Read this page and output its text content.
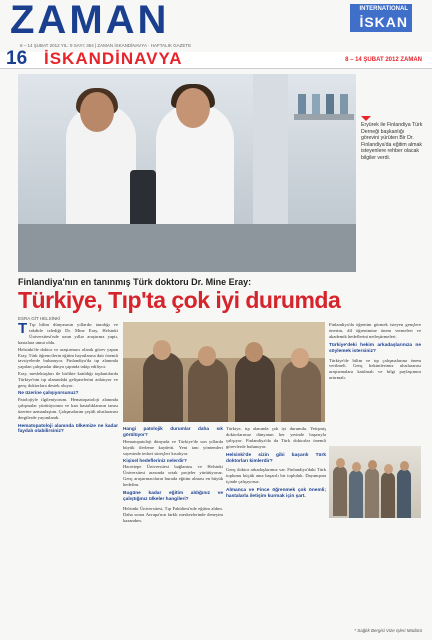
ZAMAN	INTERNATIONAL
İSKAN
8 – 14 ŞUBAT 2012 YIL: 9 SAYI: 354 | ZAMAN İSKANDİNAVYA · HAFTALIK GAZETE
16 İSKANDİNAVYA	8 – 14 ŞUBAT 2012 ZAMAN
Eryürek ile Finlandiya Türk Derneği başkanlığı görevini yürüten Bir Dr. Finlandiya'da eğitim almak isteyenlere rehber olacak bilgiler verdi.
Finlandiya'nın en tanınmış Türk doktoru Dr. Mine Eray:
Türkiye, Tıp'ta çok iyi durumda
ESRA GİT HELSİNKİ

T Tıp bilim dünyasının yıllardır tanıdığı ve takdirle izlediği Dr. Mine Eray, Helsinki Üniversitesi'nde uzun yıllar araştırma yaptı, hastalara umut oldu.

Helsinki'de doktor ve araştırmacı olarak görev yapan Eray, Türk öğrencilerin eğitim hayatlarına dair önemli tavsiyelerde bulunuyor. Finlandiya'da tıp alanında yapılan çalışmalar dünya çapında takip ediliyor.

Eray, meslektaşları ile birlikte katıldığı toplantılarda Türkiye'nin tıp alanındaki gelişmelerini anlatıyor ve genç doktorlara destek oluyor.

Ne üzerine çalışıyorsunuz?

Patolojiyle ilgileniyorum. Hematopatoloji alanında çalışmalar yürütüyorum ve kan hastalıklarının tanısı üzerine uzmanlaştım. Çalışmalarım çeşitli uluslararası dergilerde yayımlandı.

Hematopatoloji alanında ülkemize ne kadar faydalı olabilirsiniz?

Hangi patolojik durumlar daha sık görülüyor?

Hematopatoloji dünyada ve Türkiye'de son yıllarda büyük ilerleme kaydetti. Yeni tanı yöntemleri sayesinde tedavi süreçleri kısalıyor.

Kişisel hedefleriniz nelerdir?

Hacettepe Üniversitesi bağlantısı ve Helsinki Üniversitesi arasında ortak projeler yürütüyoruz. Genç araştırmacıların burada eğitim alması en büyük hedefim.

Bugüne kadar eğitim aldığınız ve çalıştığınız ülkeler hangileri?

Helsinki Üniversitesi, Tıp Fakültesi'nde eğitim aldım. Daha sonra Avrupa'nın farklı merkezlerinde deneyim kazandım.

Türkiye, tıp alanında çok iyi durumda. Yetişmiş doktorlarımız dünyanın her yerinde başarıyla çalışıyor. Finlandiya'da da Türk doktorlar önemli görevlerde bulunuyor.

Helsinki'de sizin gibi başarılı Türk doktorları kimlerdir?

Genç doktor arkadaşlarımız var. Finlandiya'daki Türk toplumu küçük ama başarılı bir topluluk. Dayanışma içinde çalışıyoruz.

Almanca ve Fince öğrenmek çok önemli; hastalarla iletişim kurmak için şart.

Finlandiya'da öğrenim görmek isteyen gençlere önerim, dil öğrenimine önem vermeleri ve akademik hedeflerini netleştirmeleri.

Türkiye'deki hekim arkadaşlarınıza ne söylemek istersiniz?

Türkiye'de bilim ve tıp çalışmalarına önem verilmeli. Genç hekimlerimiz uluslararası araştırmalara katılmalı ve bilgi paylaşımını artırmalı.

* Sağlık Bergisi Vize Işleri Müdürü
